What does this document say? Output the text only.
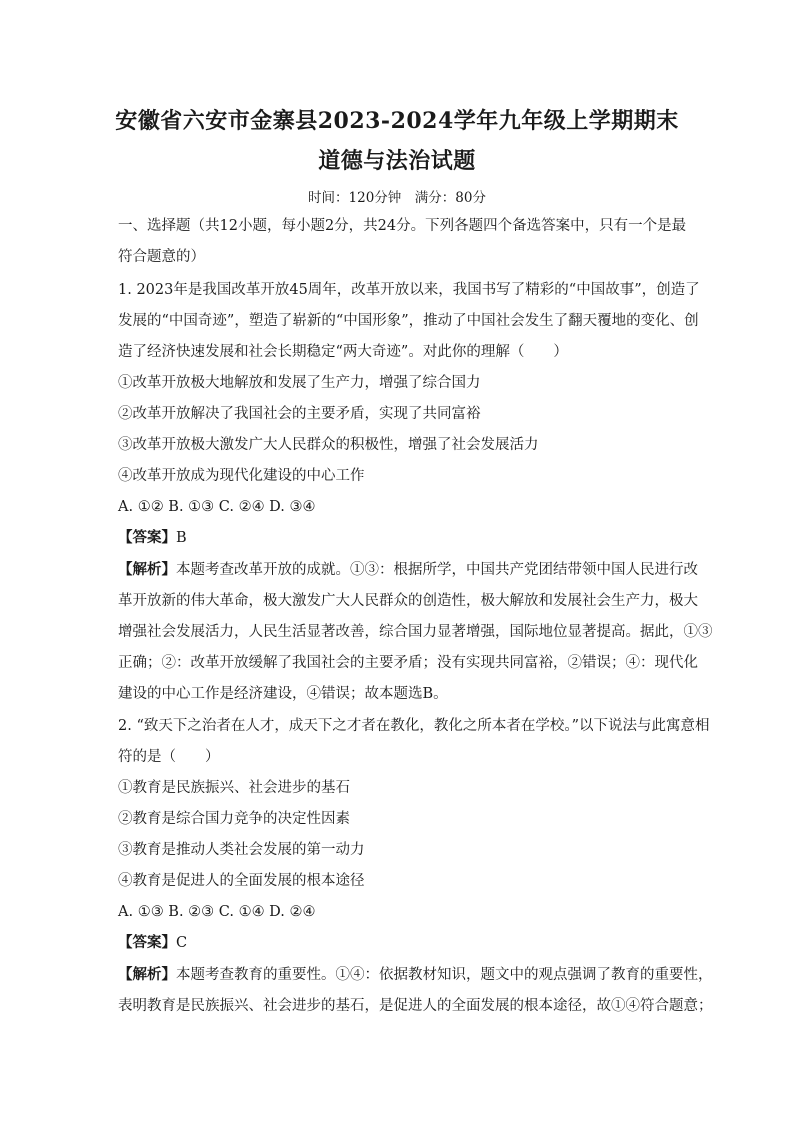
安徽省六安市金寨县2023-2024学年九年级上学期期末
道德与法治试题
时间：120分钟　满分：80分
一、选择题（共12小题，每小题2分，共24分。下列各题四个备选答案中，只有一个是最
符合题意的）
1. 2023年是我国改革开放45周年，改革开放以来，我国书写了精彩的“中国故事”，创造了
发展的“中国奇迹”，塑造了崭新的“中国形象”，推动了中国社会发生了翻天覆地的变化、创
造了经济快速发展和社会长期稳定“两大奇迹”。对此你的理解（　　）
①改革开放极大地解放和发展了生产力，增强了综合国力
②改革开放解决了我国社会的主要矛盾，实现了共同富裕
③改革开放极大激发广大人民群众的积极性，增强了社会发展活力
④改革开放成为现代化建设的中心工作
A. ①② B. ①③ C. ②④ D. ③④
【答案】B
【解析】本题考查改革开放的成就。①③：根据所学，中国共产党团结带领中国人民进行改
革开放新的伟大革命，极大激发广大人民群众的创造性，极大解放和发展社会生产力，极大
增强社会发展活力，人民生活显著改善，综合国力显著增强，国际地位显著提高。据此，①③
正确；②：改革开放缓解了我国社会的主要矛盾；没有实现共同富裕，②错误；④：现代化
建设的中心工作是经济建设，④错误；故本题选B。
2. “致天下之治者在人才，成天下之才者在教化，教化之所本者在学校。”以下说法与此寓意相
符的是（　　）
①教育是民族振兴、社会进步的基石
②教育是综合国力竞争的决定性因素
③教育是推动人类社会发展的第一动力
④教育是促进人的全面发展的根本途径
A. ①③ B. ②③ C. ①④ D. ②④
【答案】C
【解析】本题考查教育的重要性。①④：依据教材知识，题文中的观点强调了教育的重要性，
表明教育是民族振兴、社会进步的基石，是促进人的全面发展的根本途径，故①④符合题意；
